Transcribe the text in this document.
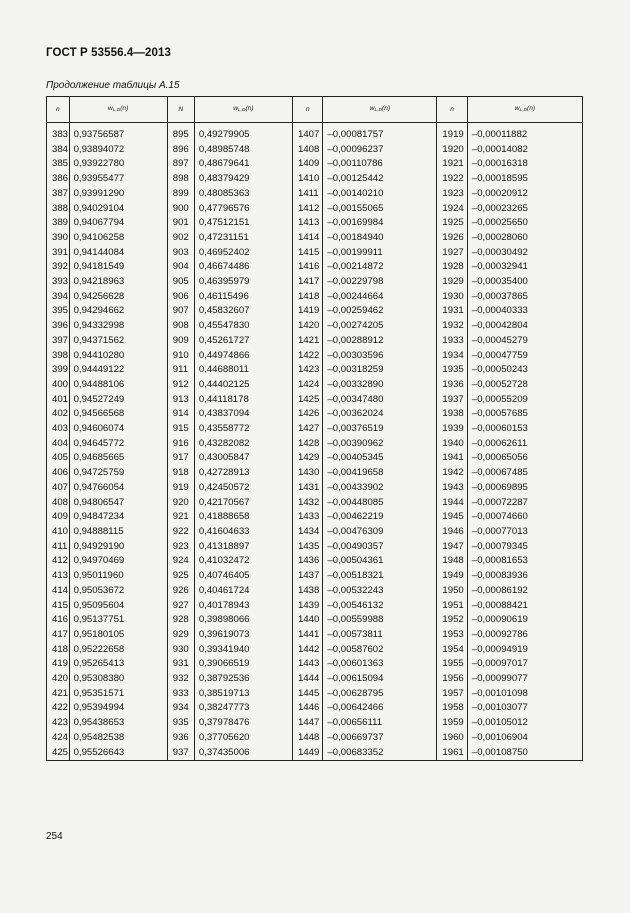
ГОСТ Р 53556.4—2013
Продолжение таблицы А.15
n	$w_{L,D}(n)$	N	$w_{L,D}(n)$	n	$w_{L,D}(n)$	n	$w_{L,D}(n)$

383	0,93756587	895	0,49279905	1407	–0,00081757	1919	–0,00011882
384	0,93894072	896	0,48985748	1408	–0,00096237	1920	–0,00014082
385	0,93922780	897	0,48679641	1409	–0,00110786	1921	–0,00016318
386	0,93955477	898	0,48379429	1410	–0,00125442	1922	–0,00018595
387	0,93991290	899	0,48085363	1411	–0,00140210	1923	–0,00020912
388	0,94029104	900	0,47796576	1412	–0,00155065	1924	–0,00023265
389	0,94067794	901	0,47512151	1413	–0,00169984	1925	–0,00025650
390	0,94106258	902	0,47231151	1414	–0,00184940	1926	–0,00028060
391	0,94144084	903	0,46952402	1415	–0,00199911	1927	–0,00030492
392	0,94181549	904	0,46674486	1416	–0,00214872	1928	–0,00032941
393	0,94218963	905	0,46395979	1417	–0,00229798	1929	–0,00035400
394	0,94256628	906	0,46115496	1418	–0,00244664	1930	–0,00037865
395	0,94294662	907	0,45832607	1419	–0,00259462	1931	–0,00040333
396	0,94332998	908	0,45547830	1420	–0,00274205	1932	–0,00042804
397	0,94371562	909	0,45261727	1421	–0,00288912	1933	–0,00045279
398	0,94410280	910	0,44974866	1422	–0,00303596	1934	–0,00047759
399	0,94449122	911	0,44688011	1423	–0,00318259	1935	–0,00050243
400	0,94488106	912	0,44402125	1424	–0,00332890	1936	–0,00052728
401	0,94527249	913	0,44118178	1425	–0,00347480	1937	–0,00055209
402	0,94566568	914	0,43837094	1426	–0,00362024	1938	–0,00057685
403	0,94606074	915	0,43558772	1427	–0,00376519	1939	–0,00060153
404	0,94645772	916	0,43282082	1428	–0,00390962	1940	–0,00062611
405	0,94685665	917	0,43005847	1429	–0,00405345	1941	–0,00065056
406	0,94725759	918	0,42728913	1430	–0,00419658	1942	–0,00067485
407	0,94766054	919	0,42450572	1431	–0,00433902	1943	–0,00069895
408	0,94806547	920	0,42170567	1432	–0,00448085	1944	–0,00072287
409	0,94847234	921	0,41888658	1433	–0,00462219	1945	–0,00074660
410	0,94888115	922	0,41604633	1434	–0,00476309	1946	–0,00077013
411	0,94929190	923	0,41318897	1435	–0,00490357	1947	–0,00079345
412	0,94970469	924	0,41032472	1436	–0,00504361	1948	–0,00081653
413	0,95011960	925	0,40746405	1437	–0,00518321	1949	–0,00083936
414	0,95053672	926	0,40461724	1438	–0,00532243	1950	–0,00086192
415	0,95095604	927	0,40178943	1439	–0,00546132	1951	–0,00088421
416	0,95137751	928	0,39898066	1440	–0,00559988	1952	–0,00090619
417	0,95180105	929	0,39619073	1441	–0,00573811	1953	–0,00092786
418	0,95222658	930	0,39341940	1442	–0,00587602	1954	–0,00094919
419	0,95265413	931	0,39066519	1443	–0,00601363	1955	–0,00097017
420	0,95308380	932	0,38792536	1444	–0,00615094	1956	–0,00099077
421	0,95351571	933	0,38519713	1445	–0,00628795	1957	–0,00101098
422	0,95394994	934	0,38247773	1446	–0,00642466	1958	–0,00103077
423	0,95438653	935	0,37978476	1447	–0,00656111	1959	–0,00105012
424	0,95482538	936	0,37705620	1448	–0,00669737	1960	–0,00106904
425	0,95526643	937	0,37435006	1449	–0,00683352	1961	–0,00108750
254
